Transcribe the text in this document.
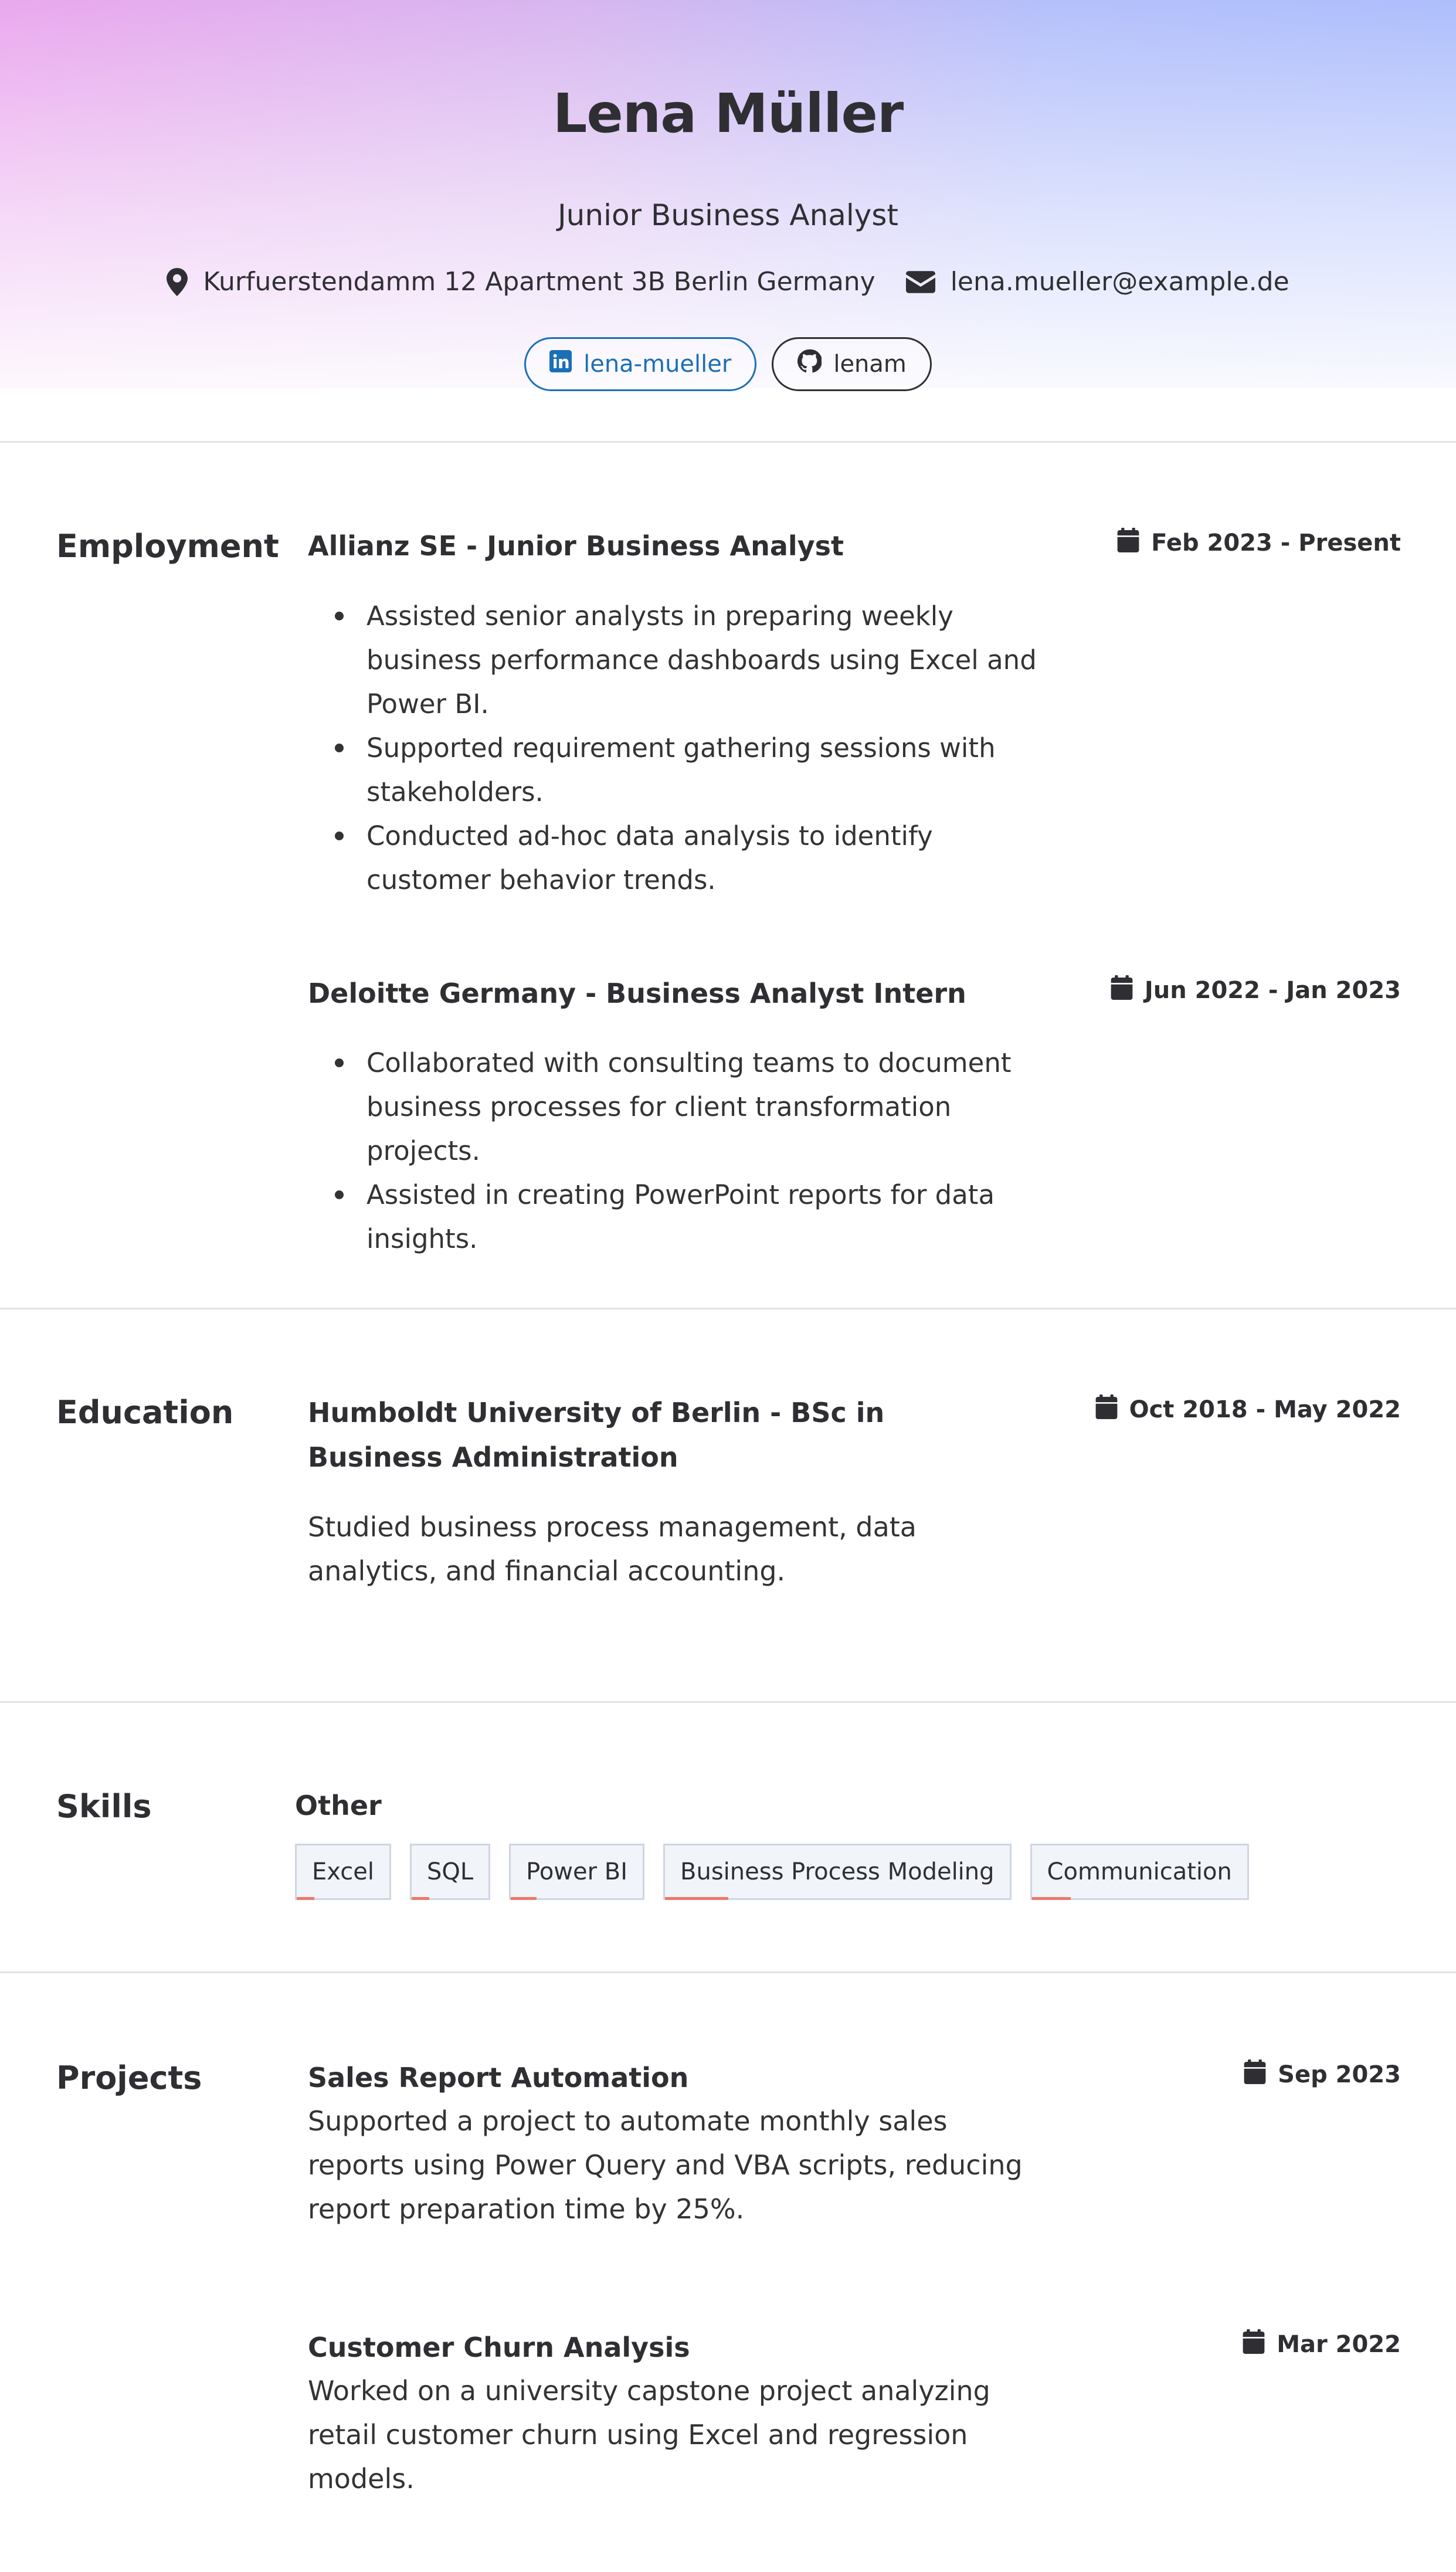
Lena Müller
Junior Business Analyst
Kurfuerstendamm 12 Apartment 3B Berlin Germany	lena.mueller@example.de
lena-mueller	lenam
Employment Allianz SE - Junior Business Analyst	Feb 2023 - Present
Assisted senior analysts in preparing weekly business performance dashboards using Excel and Power BI.
Supported requirement gathering sessions with stakeholders.
Conducted ad-hoc data analysis to identify customer behavior trends.
Deloitte Germany - Business Analyst Intern	Jun 2022 - Jan 2023
Collaborated with consulting teams to document business processes for client transformation projects.
Assisted in creating PowerPoint reports for data insights.
Education	Humboldt University of Berlin - BSc in Business Administration
Oct 2018 - May 2022
Studied business process management, data analytics, and financial accounting.
Skills	Other
Excel SQL Power BI Business Process Modeling Communication
Projects	Sales Report Automation	Sep 2023
Supported a project to automate monthly sales reports using Power Query and VBA scripts, reducing report preparation time by 25%.
Customer Churn Analysis	Mar 2022
Worked on a university capstone project analyzing retail customer churn using Excel and regression models.
